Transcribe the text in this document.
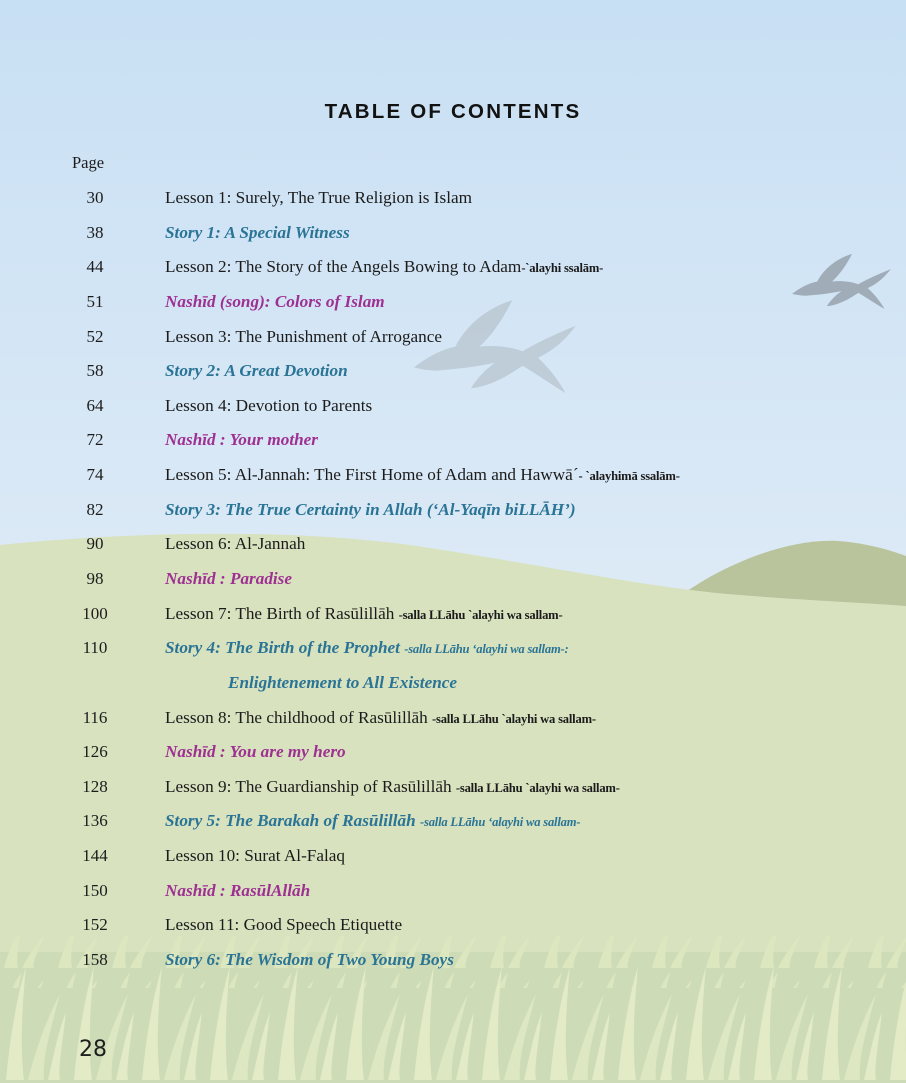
TABLE OF CONTENTS
Page
30	Lesson 1: Surely, The True Religion is Islam
38	Story 1: A Special Witness
44	Lesson 2: The Story of the Angels Bowing to Adam-`alayhi ssalām-
51	Nashīd (song): Colors of Islam
52	Lesson 3: The Punishment of Arrogance
58	Story 2: A Great Devotion
64	Lesson 4: Devotion to Parents
72	Nashīd : Your mother
74	Lesson 5: Al-Jannah: The First Home of Adam and Hawwā´- `alayhimā ssalām-
82	Story 3: The True Certainty in Allah (‘Al-Yaqīn biLLĀH’)
90	Lesson 6: Al-Jannah
98	Nashīd : Paradise
100	Lesson 7: The Birth of Rasūlillāh -salla LLāhu `alayhi wa sallam-
110	Story 4: The Birth of the Prophet -salla LLāhu ʻalayhi wa sallam-:
Enlightenement to All Existence
116	Lesson 8: The childhood of Rasūlillāh -salla LLāhu `alayhi wa sallam-
126	Nashīd : You are my hero
128	Lesson 9: The Guardianship of Rasūlillāh -salla LLāhu `alayhi wa sallam-
136	Story 5: The Barakah of Rasūlillāh -salla LLāhu ʻalayhi wa sallam-
144	Lesson 10: Surat Al-Falaq
150	Nashīd : RasūlAllāh
152	Lesson 11: Good Speech Etiquette
158	Story 6: The Wisdom of Two Young Boys
28
